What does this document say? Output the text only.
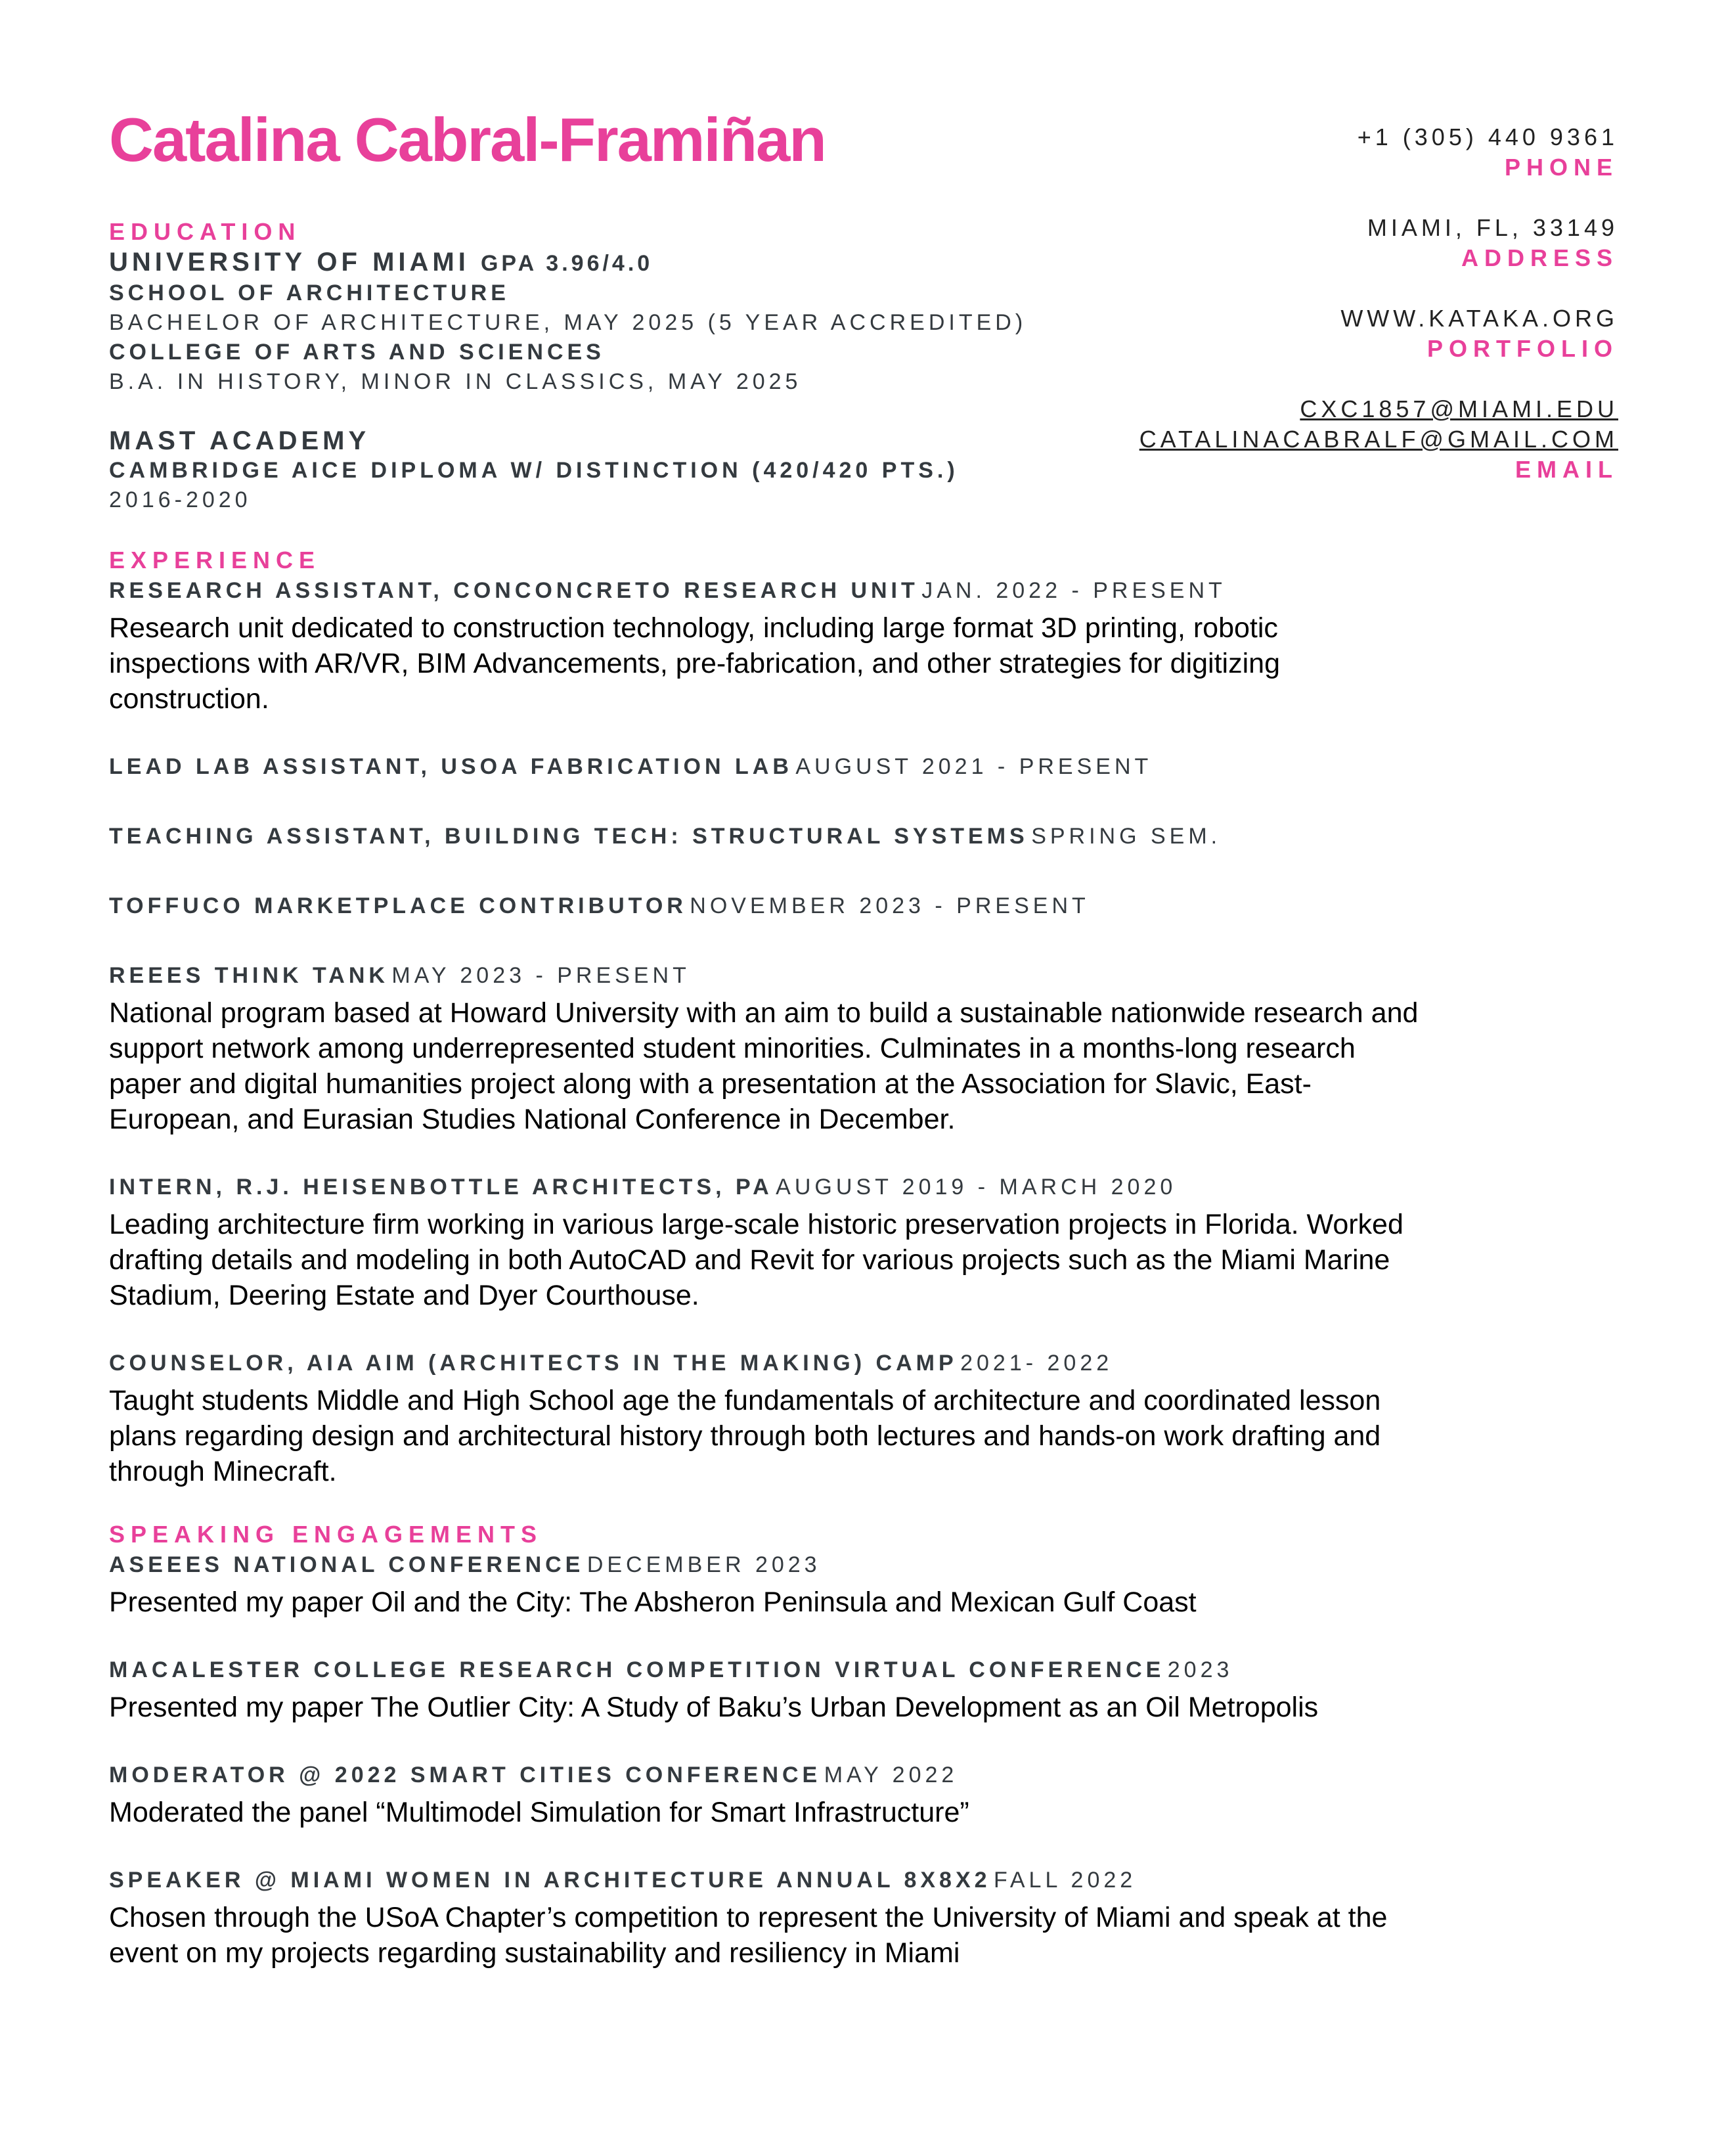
Catalina Cabral-Framiñan	+1 (305) 440 9361
PHONE
MIAMI, FL, 33149
ADDRESS
WWW.KATAKA.ORG
PORTFOLIO
CXC1857@MIAMI.EDU
CATALINACABRALF@GMAIL.COM
EMAIL
EDUCATION
UNIVERSITY OF MIAMI GPA 3.96/4.0
SCHOOL OF ARCHITECTURE
BACHELOR OF ARCHITECTURE, MAY 2025 (5 YEAR ACCREDITED)
COLLEGE OF ARTS AND SCIENCES
B.A. IN HISTORY, MINOR IN CLASSICS, MAY 2025
MAST ACADEMY
CAMBRIDGE AICE DIPLOMA W/ DISTINCTION (420/420 PTS.)
2016-2020
EXPERIENCE
RESEARCH ASSISTANT, CONCONCRETO RESEARCH UNIT JAN. 2022 - PRESENT

Research unit dedicated to construction technology, including large format 3D printing, robotic inspections with AR/VR, BIM Advancements, pre-fabrication, and other strategies for digitizing construction.

LEAD LAB ASSISTANT, USOA FABRICATION LAB AUGUST 2021 - PRESENT
TEACHING ASSISTANT, BUILDING TECH: STRUCTURAL SYSTEMS SPRING SEM.
TOFFUCO MARKETPLACE CONTRIBUTOR NOVEMBER 2023 - PRESENT
REEES THINK TANK MAY 2023 - PRESENT

National program based at Howard University with an aim to build a sustainable nationwide research and support network among underrepresented student minorities. Culminates in a months-long research paper and digital humanities project along with a presentation at the Association for Slavic, East-European, and Eurasian Studies National Conference in December.

INTERN, R.J. HEISENBOTTLE ARCHITECTS, PA AUGUST 2019 - MARCH 2020

Leading architecture firm working in various large-scale historic preservation projects in Florida. Worked drafting details and modeling in both AutoCAD and Revit for various projects such as the Miami Marine Stadium, Deering Estate and Dyer Courthouse.

COUNSELOR, AIA AIM (ARCHITECTS IN THE MAKING) CAMP 2021- 2022

Taught students Middle and High School age the fundamentals of architecture and coordinated lesson plans regarding design and architectural history through both lectures and hands-on work drafting and through Minecraft.

SPEAKING ENGAGEMENTS
ASEEES NATIONAL CONFERENCE DECEMBER 2023

Presented my paper Oil and the City: The Absheron Peninsula and Mexican Gulf Coast

MACALESTER COLLEGE RESEARCH COMPETITION VIRTUAL CONFERENCE 2023

Presented my paper The Outlier City: A Study of Baku’s Urban Development as an Oil Metropolis

MODERATOR @ 2022 SMART CITIES CONFERENCE MAY 2022

Moderated the panel “Multimodel Simulation for Smart Infrastructure”

SPEAKER @ MIAMI WOMEN IN ARCHITECTURE ANNUAL 8X8X2 FALL 2022

Chosen through the USoA Chapter’s competition to represent the University of Miami and speak at the event on my projects regarding sustainability and resiliency in Miami
